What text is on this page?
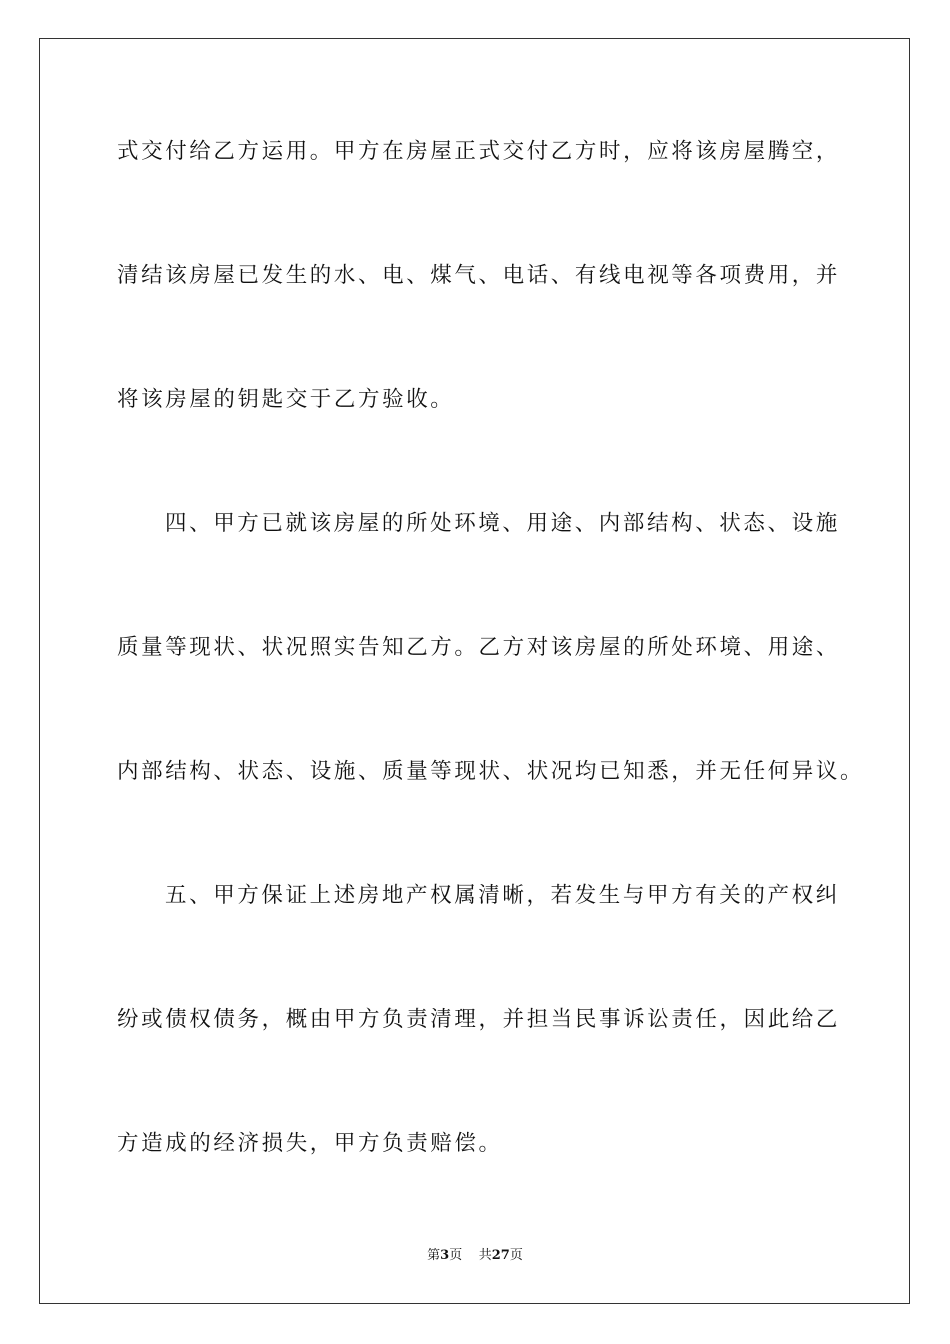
式交付给乙方运用。甲方在房屋正式交付乙方时，应将该房屋腾空，
清结该房屋已发生的水、电、煤气、电话、有线电视等各项费用，并
将该房屋的钥匙交于乙方验收。
四、甲方已就该房屋的所处环境、用途、内部结构、状态、设施
质量等现状、状况照实告知乙方。乙方对该房屋的所处环境、用途、
内部结构、状态、设施、质量等现状、状况均已知悉，并无任何异议。
五、甲方保证上述房地产权属清晰，若发生与甲方有关的产权纠
纷或债权债务，概由甲方负责清理，并担当民事诉讼责任，因此给乙
方造成的经济损失，甲方负责赔偿。
第3页 共27页
